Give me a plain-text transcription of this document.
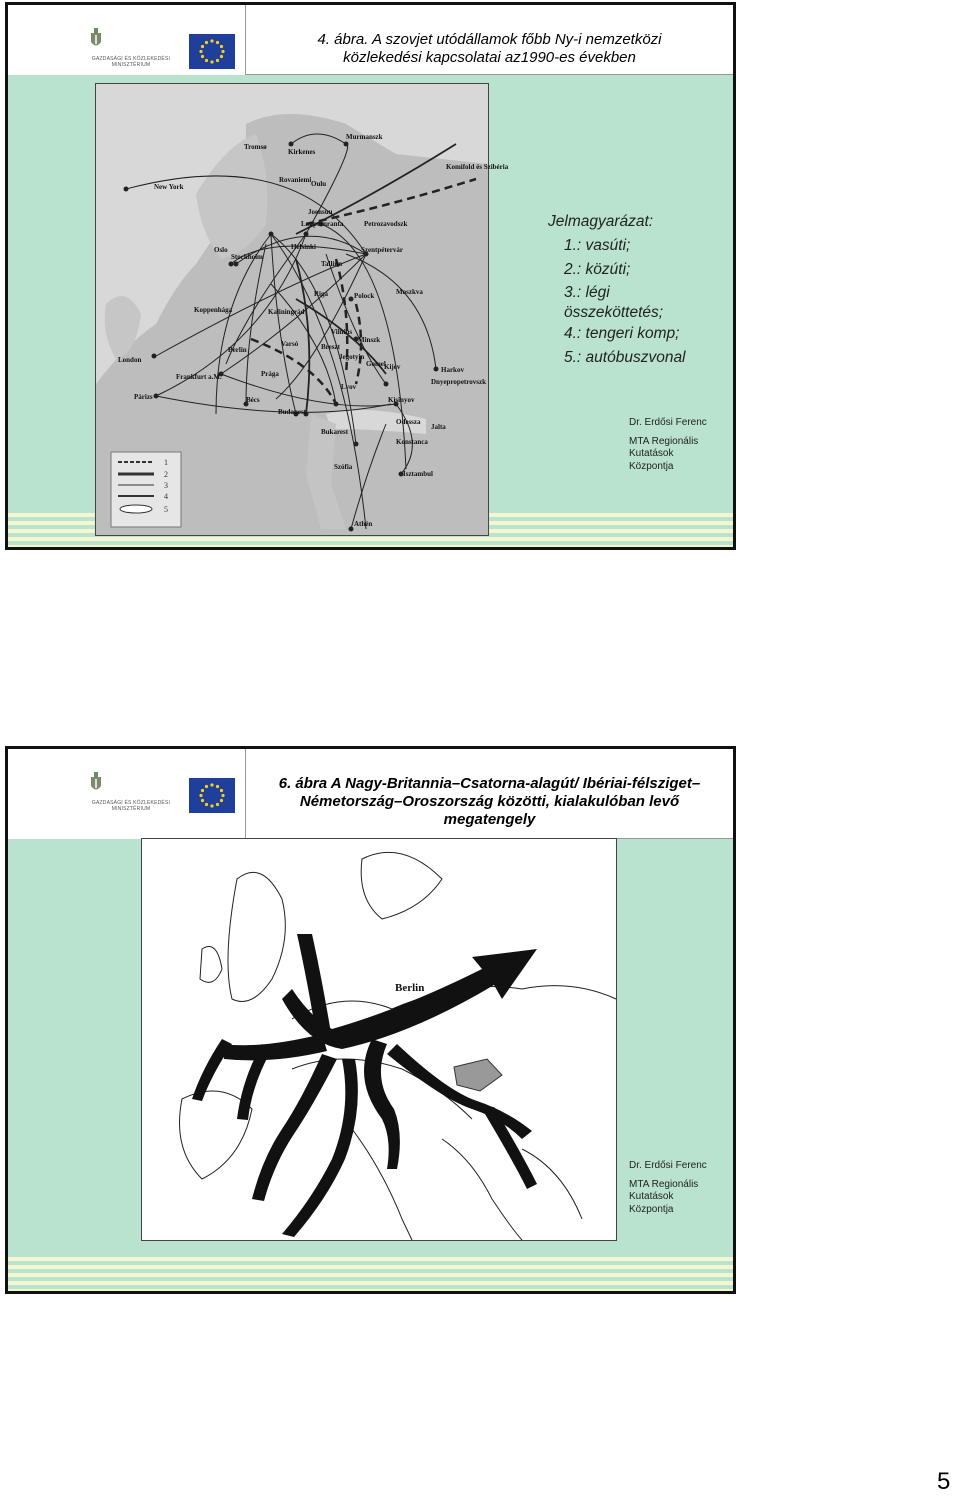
GAZDASÁGI ÉS KÖZLEKEDÉSI MINISZTÉRIUM
4. ábra. A szovjet utódállamok főbb Ny-i nemzetközi
közlekedési kapcsolatai az1990-es években
1
2
3
4
5
New York
Tromsø
Kirkenes
Murmanszk
Rovaniemi Oulu
Komifold és Szibéria
Joensuu
Lappeenranta	Petrozavodszk
Helsinki	Szentpétervár
Oslo
Stockholm
Tallinn
Riga	Polock	Moszkva
Koppenhága	Kaliningrád
Vilnius
Minszk
Gomel
London
Berlin
Varsó	Breszt
Jegotyin
Harkov
Kijev
Dnyepropetrovszk
Frankfurt a.M.	Prága
Lvov
Párizs	Bécs
Budapest
Kisinyov
Odessza
Jalta
Bukarest
Konstanca
Szófia
Isztambul
Athén
Jelmagyarázat:
1.: vasúti;
2.: közúti;
3.: légi
összeköttetés;
4.: tengeri komp;
5.: autóbuszvonal
Dr. Erdősi Ferenc
MTA Regionális
Kutatások
Központja
GAZDASÁGI ÉS KÖZLEKEDÉSI MINISZTÉRIUM
6. ábra A Nagy-Britannia–Csatorna-alagút/ Ibériai-félsziget–
Németország–Oroszország közötti, kialakulóban levő
megatengely
Berlin
Dr. Erdősi Ferenc
MTA Regionális
Kutatások
Központja
5
